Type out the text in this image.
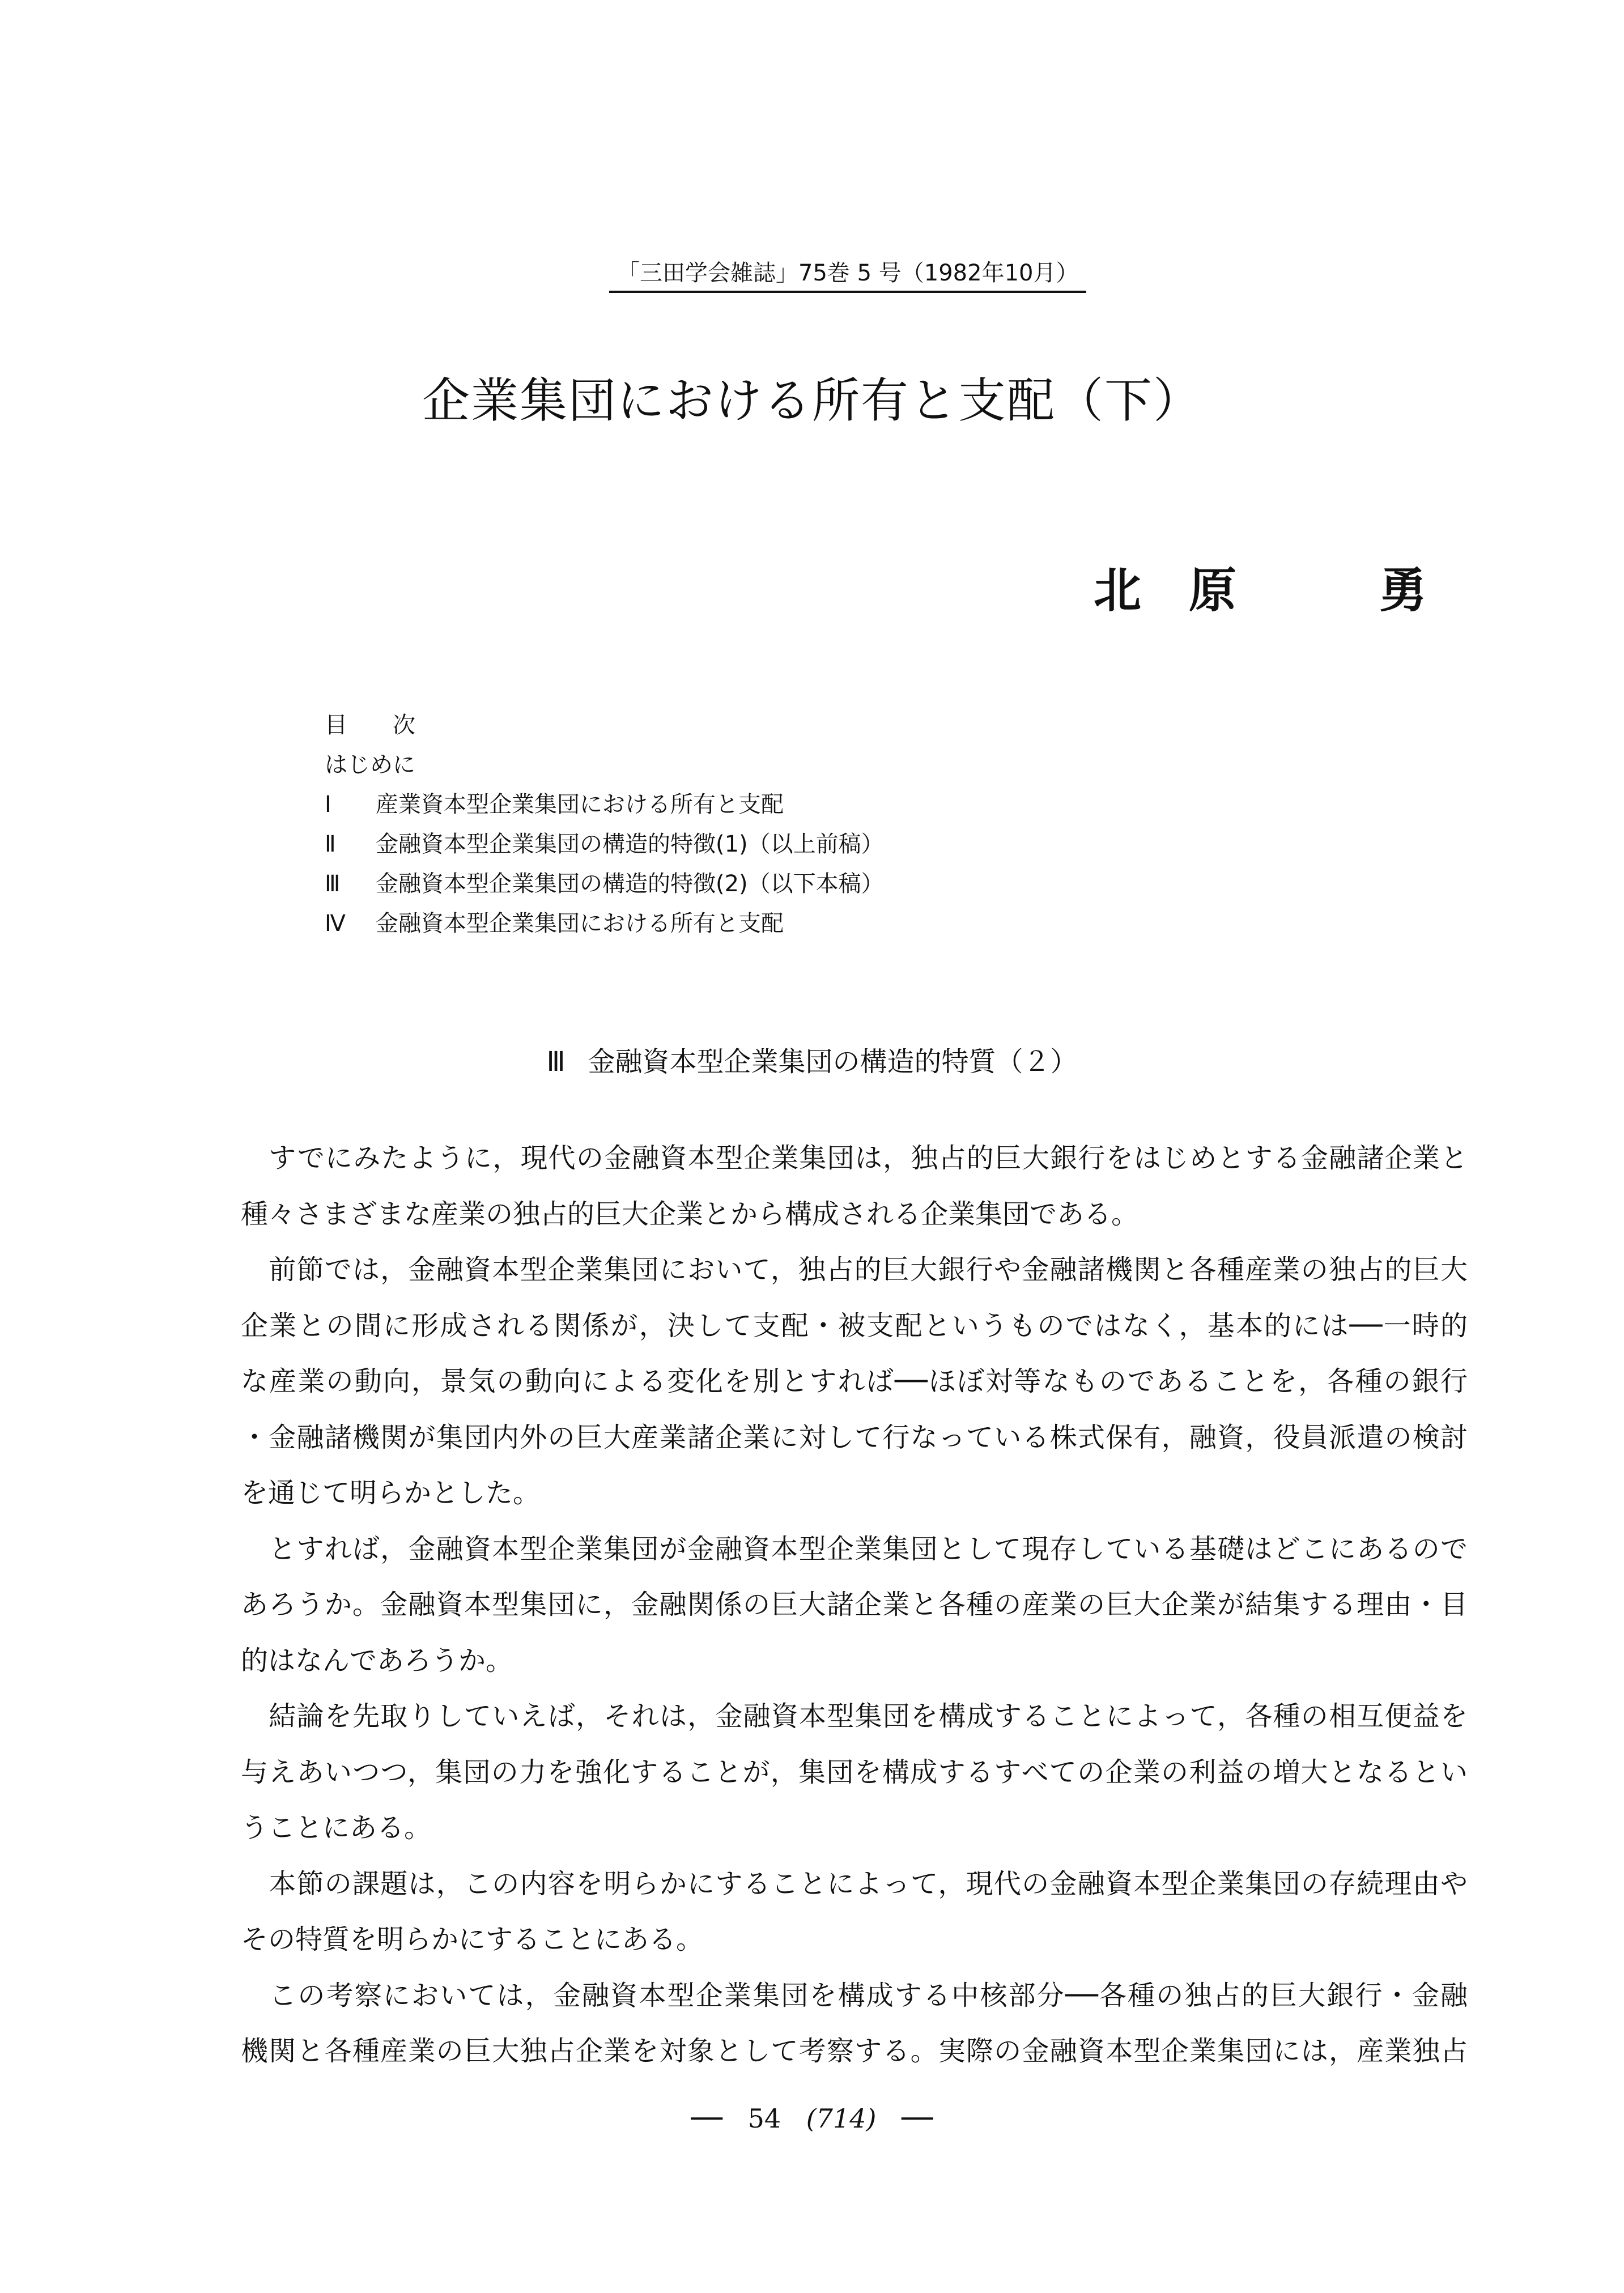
「三田学会雑誌」75巻 5 号（1982年10月）
企業集団における所有と支配（下）
北　原　　　勇
目　　次
はじめに
Ⅰ 産業資本型企業集団における所有と支配
Ⅱ 金融資本型企業集団の構造的特徴(1)（以上前稿）
Ⅲ 金融資本型企業集団の構造的特徴(2)（以下本稿）
Ⅳ 金融資本型企業集団における所有と支配
Ⅲ 金融資本型企業集団の構造的特質（２）
　すでにみたように，現代の金融資本型企業集団は，独占的巨大銀行をはじめとする金融諸企業と
種々さまざまな産業の独占的巨大企業とから構成される企業集団である。
　前節では，金融資本型企業集団において，独占的巨大銀行や金融諸機関と各種産業の独占的巨大
企業との間に形成される関係が，決して支配・被支配というものではなく，基本的には──一時的
な産業の動向，景気の動向による変化を別とすれば──ほぼ対等なものであることを，各種の銀行
・金融諸機関が集団内外の巨大産業諸企業に対して行なっている株式保有，融資，役員派遣の検討
を通じて明らかとした。
　とすれば，金融資本型企業集団が金融資本型企業集団として現存している基礎はどこにあるので
あろうか。金融資本型集団に，金融関係の巨大諸企業と各種の産業の巨大企業が結集する理由・目
的はなんであろうか。
　結論を先取りしていえば，それは，金融資本型集団を構成することによって，各種の相互便益を
与えあいつつ，集団の力を強化することが，集団を構成するすべての企業の利益の増大となるとい
うことにある。
　本節の課題は，この内容を明らかにすることによって，現代の金融資本型企業集団の存続理由や
その特質を明らかにすることにある。
　この考察においては，金融資本型企業集団を構成する中核部分──各種の独占的巨大銀行・金融
機関と各種産業の巨大独占企業を対象として考察する。実際の金融資本型企業集団には，産業独占
── 54 (714) ──
